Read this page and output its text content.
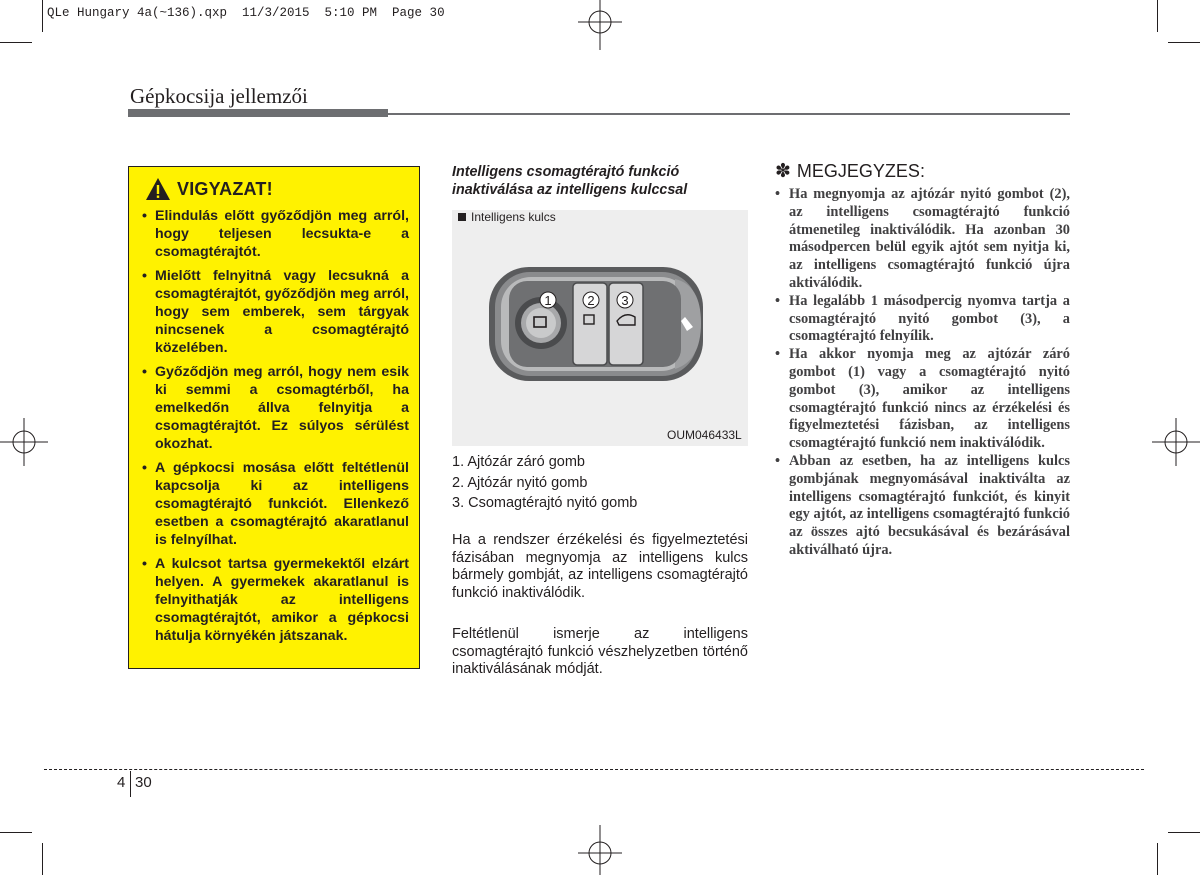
QLe Hungary 4a(~136).qxp  11/3/2015  5:10 PM  Page 30
Gépkocsija jellemzői
VIGYAZAT!
• Elindulás előtt győződjön meg arról, hogy teljesen lecsukta-e a csomagtérajtót.
• Mielőtt felnyitná vagy lecsukná a csomagtérajtót, győződjön meg arról, hogy sem emberek, sem tárgyak nincsenek a csomagtérajtó közelében.
• Győződjön meg arról, hogy nem esik ki semmi a csomagtérből, ha emelkedőn állva felnyitja a csomagtérajtót. Ez súlyos sérülést okozhat.
• A gépkocsi mosása előtt feltétlenül kapcsolja ki az intelligens csomagtérajtó funkciót. Ellenkező esetben a csomagtérajtó akaratlanul is felnyílhat.
• A kulcsot tartsa gyermekektől elzárt helyen. A gyermekek akaratlanul is felnyithatják az intelligens csomagtérajtót, amikor a gépkocsi hátulja környékén játszanak.
Intelligens csomagtérajtó funkció inaktiválása az intelligens kulccsal
Intelligens kulcs
1	2 3
OUM046433L
1. Ajtózár záró gomb
2. Ajtózár nyitó gomb
3. Csomagtérajtó nyitó gomb
Ha a rendszer érzékelési és figyelmeztetési fázisában megnyomja az intelligens kulcs bármely gombját, az intelligens csomagtérajtó funkció inaktiválódik.
Feltétlenül ismerje az intelligens csomagtérajtó funkció vészhelyzetben történő inaktiválásának módját.
✽ MEGJEGYZES:
• Ha megnyomja az ajtózár nyitó gombot (2), az intelligens csomagtérajtó funkció átmenetileg inaktiválódik. Ha azonban 30 másodpercen belül egyik ajtót sem nyitja ki, az intelligens csomagtérajtó funkció újra aktiválódik.
• Ha legalább 1 másodpercig nyomva tartja a csomagtérajtó nyitó gombot (3), a csomagtérajtó felnyílik.
• Ha akkor nyomja meg az ajtózár záró gombot (1) vagy a csomagtérajtó nyitó gombot (3), amikor az intelligens csomagtérajtó funkció nincs az érzékelési és figyelmeztetési fázisban, az intelligens csomagtérajtó funkció nem inaktiválódik.
• Abban az esetben, ha az intelligens kulcs gombjának megnyomásával inaktiválta az intelligens csomagtérajtó funkciót, és kinyit egy ajtót, az intelligens csomagtérajtó funkció az összes ajtó becsukásával és bezárásával aktiválható újra.
4 30
